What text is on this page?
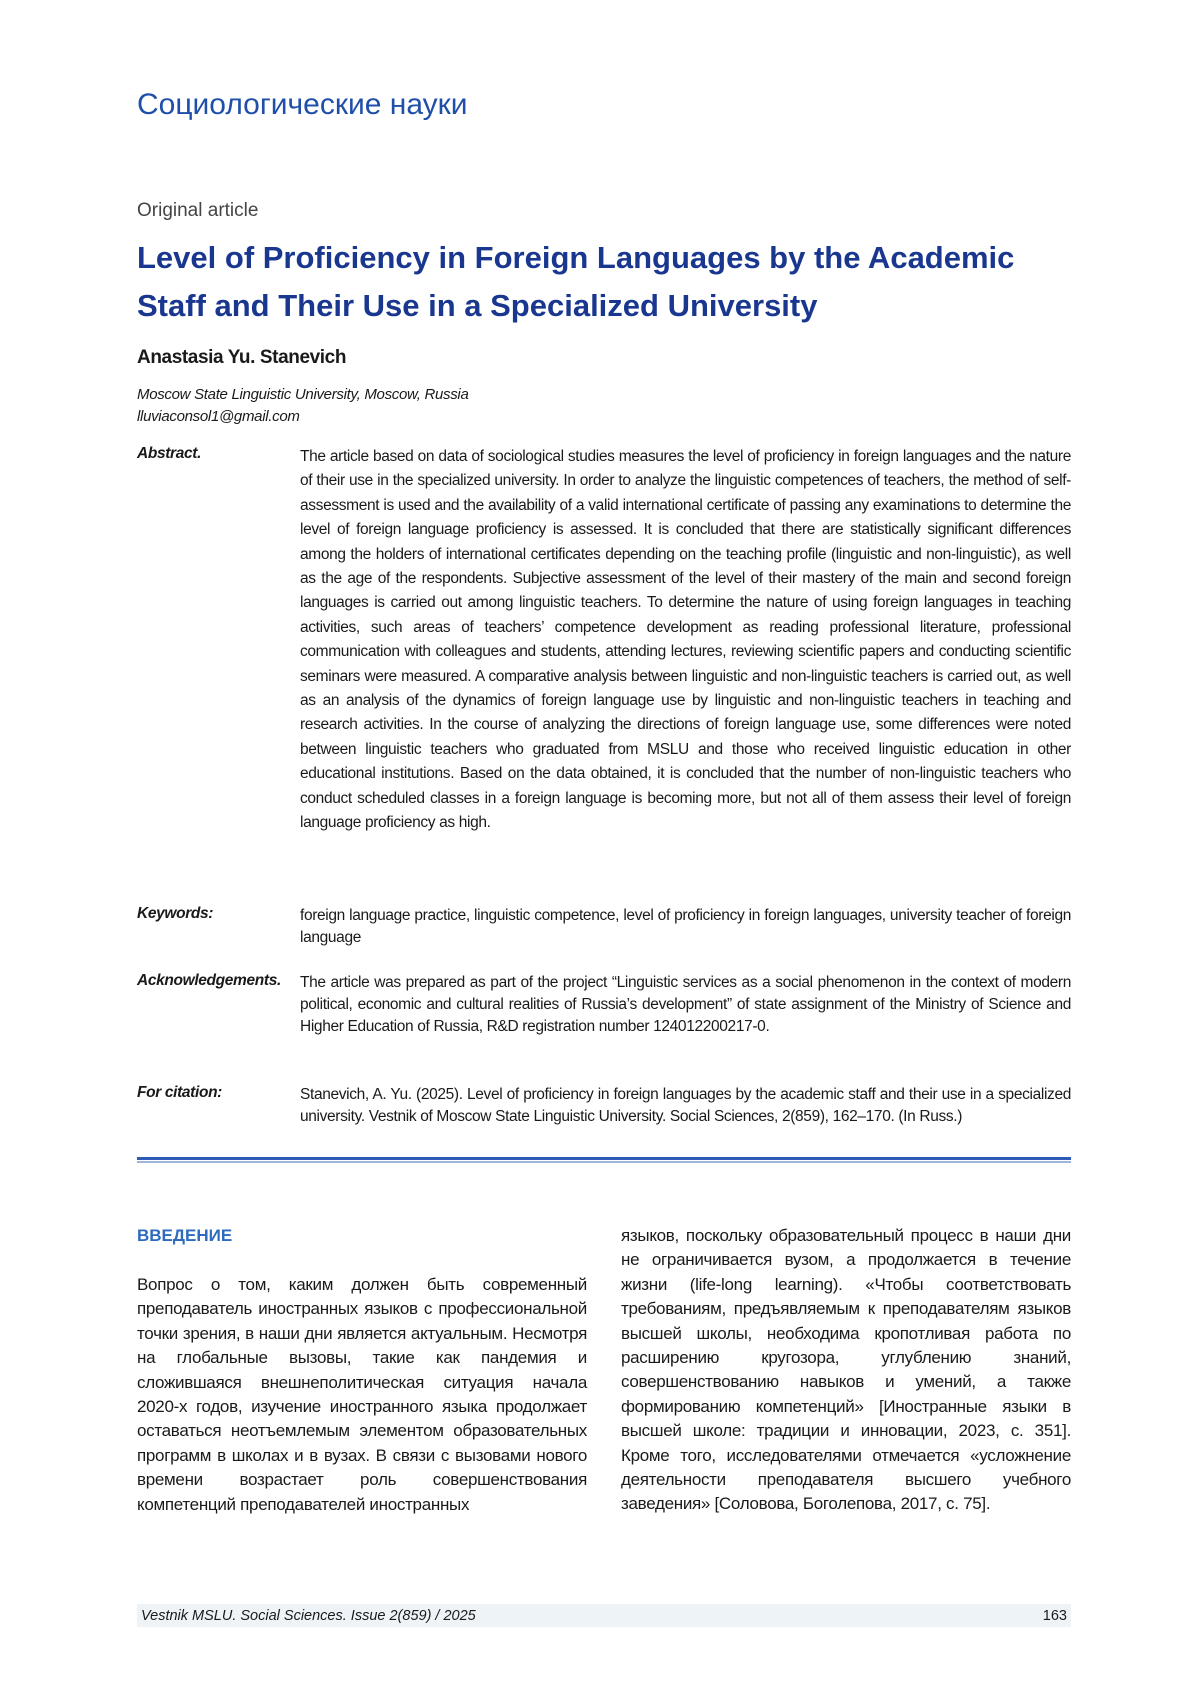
Социологические науки
Original article
Level of Proficiency in Foreign Languages by the Academic Staff and Their Use in a Specialized University
Anastasia Yu. Stanevich
Moscow State Linguistic University, Moscow, Russia
lluviaconsol1@gmail.com
Abstract.	The article based on data of sociological studies measures the level of proficiency in foreign languages and the nature of their use in the specialized university. In order to analyze the linguistic competences of teachers, the method of self-assessment is used and the availability of a valid international certificate of passing any examinations to determine the level of foreign language proficiency is assessed. It is concluded that there are statistically significant differences among the holders of international certificates depending on the teaching profile (linguistic and non-linguistic), as well as the age of the respondents. Subjective assessment of the level of their mastery of the main and second foreign languages is carried out among linguistic teachers. To determine the nature of using foreign languages in teaching activities, such areas of teachers’ competence development as reading professional literature, professional communication with colleagues and students, attending lectures, reviewing scientific papers and conducting scientific seminars were measured. A comparative analysis between linguistic and non-linguistic teachers is carried out, as well as an analysis of the dynamics of foreign language use by linguistic and non-linguistic teachers in teaching and research activities. In the course of analyzing the directions of foreign language use, some differences were noted between linguistic teachers who graduated from MSLU and those who received linguistic education in other educational institutions. Based on the data obtained, it is concluded that the number of non-linguistic teachers who conduct scheduled classes in a foreign language is becoming more, but not all of them assess their level of foreign language proficiency as high.
Keywords:	foreign language practice, linguistic competence, level of proficiency in foreign languages, university teacher of foreign language
Acknowledgements.	The article was prepared as part of the project “Linguistic services as a social phenomenon in the context of modern political, economic and cultural realities of Russia’s development” of state assignment of the Ministry of Science and Higher Education of Russia, R&D registration number 124012200217-0.
For citation:	Stanevich, A. Yu. (2025). Level of proficiency in foreign languages by the academic staff and their use in a specialized university. Vestnik of Moscow State Linguistic University. Social Sciences, 2(859), 162–170. (In Russ.)
ВВЕДЕНИЕ
Вопрос о том, каким должен быть современный преподаватель иностранных языков с профессиональной точки зрения, в наши дни является актуальным. Несмотря на глобальные вызовы, такие как пандемия и сложившаяся внешнеполитическая ситуация начала 2020-х годов, изучение иностранного языка продолжает оставаться неотъемлемым элементом образовательных программ в школах и в вузах. В связи с вызовами нового времени возрастает роль совершенствования компетенций преподавателей иностранных
языков, поскольку образовательный процесс в наши дни не ограничивается вузом, а продолжается в течение жизни (life-long learning). «Чтобы соответствовать требованиям, предъявляемым к преподавателям языков высшей школы, необходима кропотливая работа по расширению кругозора, углублению знаний, совершенствованию навыков и умений, а также формированию компетенций» [Иностранные языки в высшей школе: традиции и инновации, 2023, с. 351]. Кроме того, исследователями отмечается «усложнение деятельности преподавателя высшего учебного заведения» [Соловова, Боголепова, 2017, с. 75].
Vestnik MSLU. Social Sciences. Issue 2(859) / 2025	163
